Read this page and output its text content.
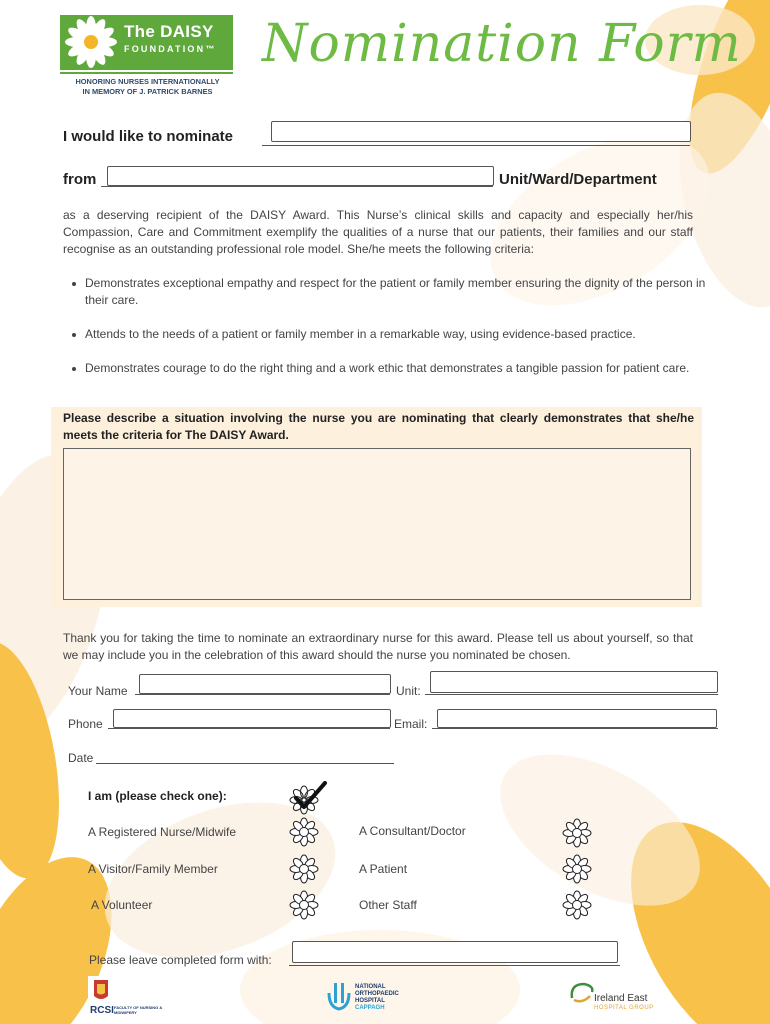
The DAISY
FOUNDATION™
HONORING NURSES INTERNATIONALLY
IN MEMORY OF J. PATRICK BARNES
Nomination Form
I would like to nominate
from	Unit/Ward/Department
as a deserving recipient of the DAISY Award. This Nurse’s clinical skills and capacity and especially her/his Compassion, Care and Commitment exemplify the qualities of a nurse that our patients, their families and our staff recognise as an outstanding professional role model. She/he meets the following criteria:
Demonstrates exceptional empathy and respect for the patient or family member ensuring the dignity of the person in their care.
Attends to the needs of a patient or family member in a remarkable way, using evidence-based practice.
Demonstrates courage to do the right thing and a work ethic that demonstrates a tangible passion for patient care.
Please describe a situation involving the nurse you are nominating that clearly demonstrates that she/he meets the criteria for The DAISY Award.
Thank you for taking the time to nominate an extraordinary nurse for this award. Please tell us about yourself, so that we may include you in the celebration of this award should the nurse you nominated be chosen.
Your Name	Unit:
Phone	Email:
Date
I am (please check one):
A Registered Nurse/Midwife
A Visitor/Family Member
A Volunteer
A Consultant/Doctor
A Patient
Other Staff
Please leave completed form with:
RCSI FACULTY OF NURSING & MIDWIFERY
NATIONAL
ORTHOPAEDIC
HOSPITAL
CAPPAGH
Ireland East
HOSPITAL GROUP
